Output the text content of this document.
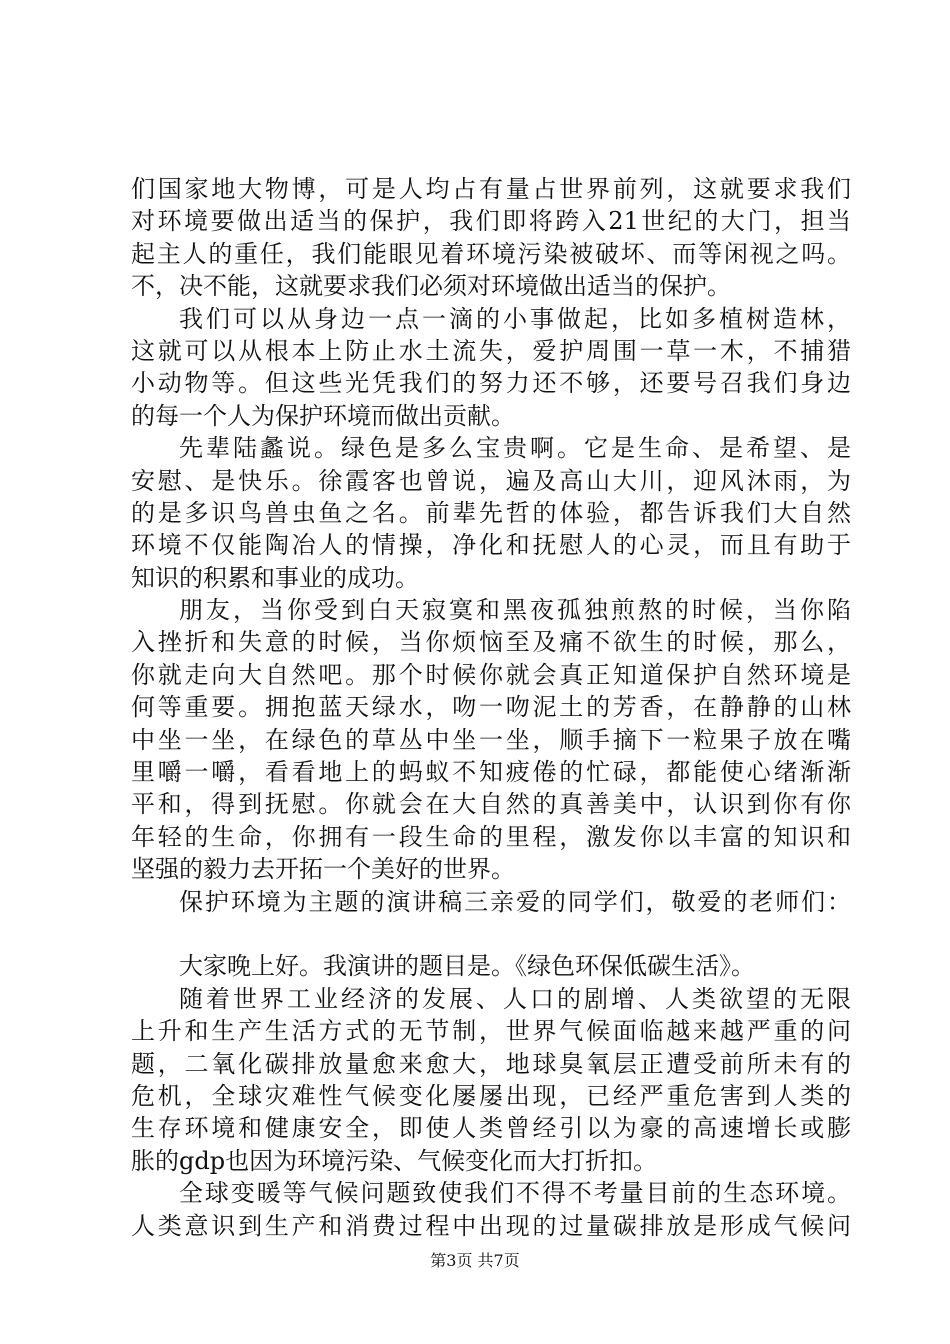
们国家地大物博，可是人均占有量占世界前列，这就要求我们
对环境要做出适当的保护，我们即将跨入21世纪的大门，担当
起主人的重任，我们能眼见着环境污染被破坏、而等闲视之吗。
不，决不能，这就要求我们必须对环境做出适当的保护。
我们可以从身边一点一滴的小事做起，比如多植树造林，
这就可以从根本上防止水土流失，爱护周围一草一木，不捕猎
小动物等。但这些光凭我们的努力还不够，还要号召我们身边
的每一个人为保护环境而做出贡献。
先辈陆蠡说。绿色是多么宝贵啊。它是生命、是希望、是
安慰、是快乐。徐霞客也曾说，遍及高山大川，迎风沐雨，为
的是多识鸟兽虫鱼之名。前辈先哲的体验，都告诉我们大自然
环境不仅能陶冶人的情操，净化和抚慰人的心灵，而且有助于
知识的积累和事业的成功。
朋友，当你受到白天寂寞和黑夜孤独煎熬的时候，当你陷
入挫折和失意的时候，当你烦恼至及痛不欲生的时候，那么，
你就走向大自然吧。那个时候你就会真正知道保护自然环境是
何等重要。拥抱蓝天绿水，吻一吻泥土的芳香，在静静的山林
中坐一坐，在绿色的草丛中坐一坐，顺手摘下一粒果子放在嘴
里嚼一嚼，看看地上的蚂蚁不知疲倦的忙碌，都能使心绪渐渐
平和，得到抚慰。你就会在大自然的真善美中，认识到你有你
年轻的生命，你拥有一段生命的里程，激发你以丰富的知识和
坚强的毅力去开拓一个美好的世界。
保护环境为主题的演讲稿三亲爱的同学们，敬爱的老师们：
大家晚上好。我演讲的题目是。《绿色环保低碳生活》。
随着世界工业经济的发展、人口的剧增、人类欲望的无限
上升和生产生活方式的无节制，世界气候面临越来越严重的问
题，二氧化碳排放量愈来愈大，地球臭氧层正遭受前所未有的
危机，全球灾难性气候变化屡屡出现，已经严重危害到人类的
生存环境和健康安全，即使人类曾经引以为豪的高速增长或膨
胀的gdp也因为环境污染、气候变化而大打折扣。
全球变暖等气候问题致使我们不得不考量目前的生态环境。
人类意识到生产和消费过程中出现的过量碳排放是形成气候问
第3页 共7页
